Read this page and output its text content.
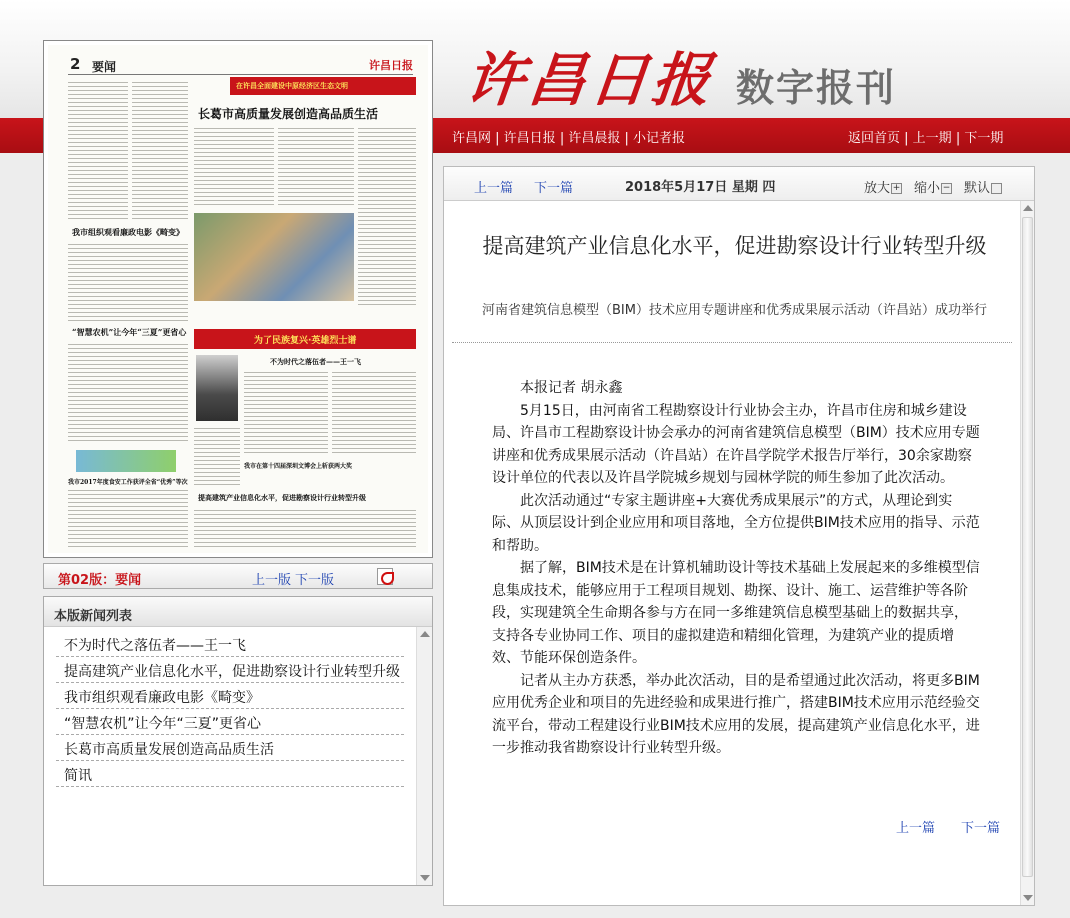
许昌日报 数字报刊
许昌网 | 许昌日报 | 许昌晨报 | 小记者报	返回首页 | 上一期 | 下一期
2 要闻	许昌日报
我市组织观看廉政电影《畸变》
“智慧农机”让今年“三夏”更省心
我市2017年度食安工作获评全省“优秀”等次
在许昌全面建设中原经济区生态文明
长葛市高质量发展创造高品质生活
为了民族复兴·英雄烈士谱
不为时代之落伍者——王一飞
我市在第十四届深圳文博会上斩获两大奖
提高建筑产业信息化水平，促进勘察设计行业转型升级
第02版：要闻	上一版 下一版
本版新闻列表
不为时代之落伍者——王一飞
提高建筑产业信息化水平，促进勘察设计行业转型升级
我市组织观看廉政电影《畸变》
“智慧农机”让今年“三夏”更省心
长葛市高质量发展创造高品质生活
简讯
上一篇 下一篇	2018年5月17日 星期 四	放大 + 缩小 − 默认
提高建筑产业信息化水平，促进勘察设计行业转型升级
河南省建筑信息模型（BIM）技术应用专题讲座和优秀成果展示活动（许昌站）成功举行

本报记者 胡永鑫

5月15日，由河南省工程勘察设计行业协会主办，许昌市住房和城乡建设局、许昌市工程勘察设计协会承办的河南省建筑信息模型（BIM）技术应用专题讲座和优秀成果展示活动（许昌站）在许昌学院学术报告厅举行，30余家勘察设计单位的代表以及许昌学院城乡规划与园林学院的师生参加了此次活动。

此次活动通过“专家主题讲座+大赛优秀成果展示”的方式，从理论到实际、从顶层设计到企业应用和项目落地，全方位提供BIM技术应用的指导、示范和帮助。

据了解，BIM技术是在计算机辅助设计等技术基础上发展起来的多维模型信息集成技术，能够应用于工程项目规划、勘探、设计、施工、运营维护等各阶段，实现建筑全生命期各参与方在同一多维建筑信息模型基础上的数据共享，支持各专业协同工作、项目的虚拟建造和精细化管理，为建筑产业的提质增效、节能环保创造条件。

记者从主办方获悉，举办此次活动，目的是希望通过此次活动，将更多BIM应用优秀企业和项目的先进经验和成果进行推广，搭建BIM技术应用示范经验交流平台，带动工程建设行业BIM技术应用的发展，提高建筑产业信息化水平，进一步推动我省勘察设计行业转型升级。

上一篇 下一篇
